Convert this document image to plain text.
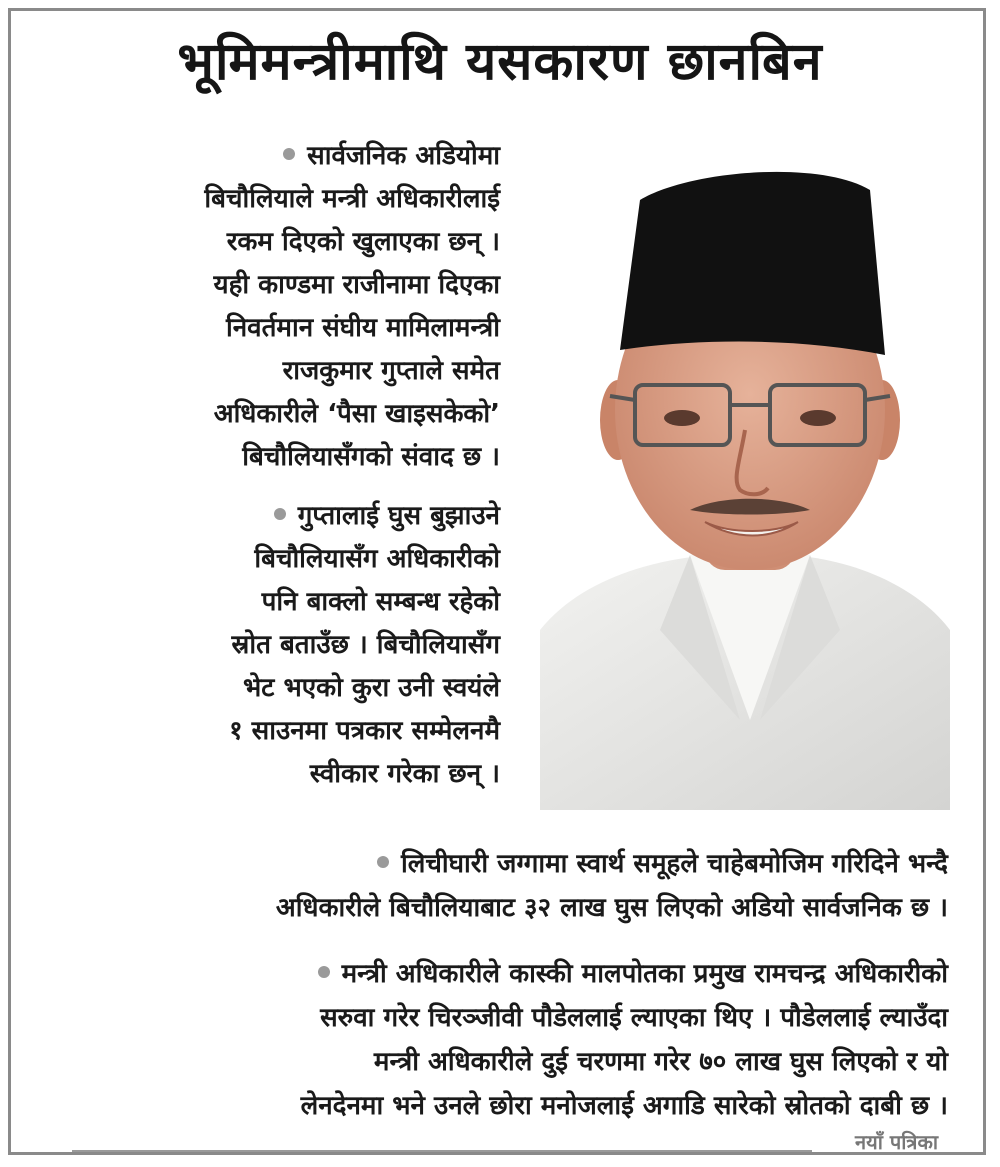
भूमिमन्त्रीमाथि यसकारण छानबिन

सार्वजनिक अडियोमा
बिचौलियाले मन्त्री अधिकारीलाई
रकम दिएको खुलाएका छन् ।
यही काण्डमा राजीनामा दिएका
निवर्तमान संघीय मामिलामन्त्री
राजकुमार गुप्ताले समेत
अधिकारीले ‘पैसा खाइसकेको’
बिचौलियासँगको संवाद छ ।

गुप्तालाई घुस बुझाउने
बिचौलियासँग अधिकारीको
पनि बाक्लो सम्बन्ध रहेको
स्रोत बताउँछ । बिचौलियासँग
भेट भएको कुरा उनी स्वयंले
१ साउनमा पत्रकार सम्मेलनमै
स्वीकार गरेका छन् ।

लिचीघारी जग्गामा स्वार्थ समूहले चाहेबमोजिम गरिदिने भन्दै

अधिकारीले बिचौलियाबाट ३२ लाख घुस लिएको अडियो सार्वजनिक छ ।

मन्त्री अधिकारीले कास्की मालपोतका प्रमुख रामचन्द्र अधिकारीको

सरुवा गरेर चिरञ्जीवी पौडेललाई ल्याएका थिए । पौडेललाई ल्याउँदा

मन्त्री अधिकारीले दुई चरणमा गरेर ७० लाख घुस लिएको र यो

लेनदेनमा भने उनले छोरा मनोजलाई अगाडि सारेको स्रोतको दाबी छ ।

नयाँ पत्रिका
